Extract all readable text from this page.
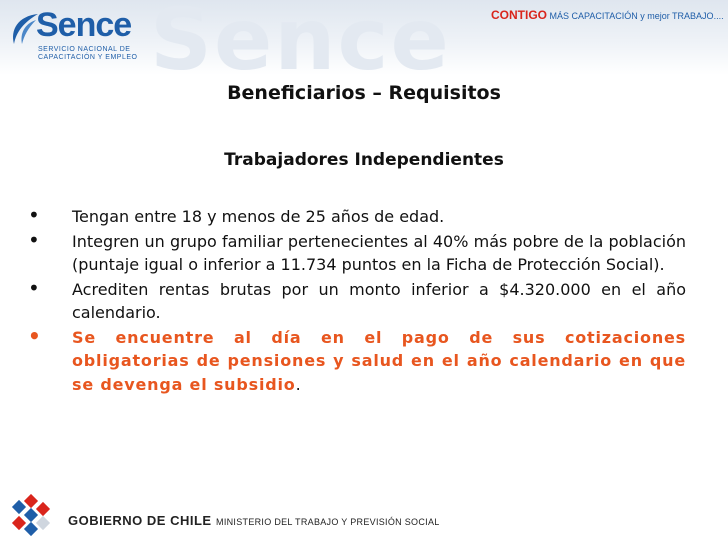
Sence
Sence
SERVICIO NACIONAL DE
CAPACITACIÓN Y EMPLEO
CONTIGO MÁS CAPACITACIÓN y mejor TRABAJO....
Beneficiarios – Requisitos
Trabajadores Independientes
• Tengan entre 18 y menos de 25 años de edad.
• Integren un grupo familiar pertenecientes al 40% más pobre de la población (puntaje igual o inferior a 11.734 puntos en la Ficha de Protección Social).
• Acrediten rentas brutas por un monto inferior a $4.320.000 en el año calendario.
• Se encuentre al día en el pago de sus cotizaciones obligatorias de pensiones y salud en el año calendario en que se devenga el subsidio.
GOBIERNO DE CHILE MINISTERIO DEL TRABAJO Y PREVISIÓN SOCIAL
